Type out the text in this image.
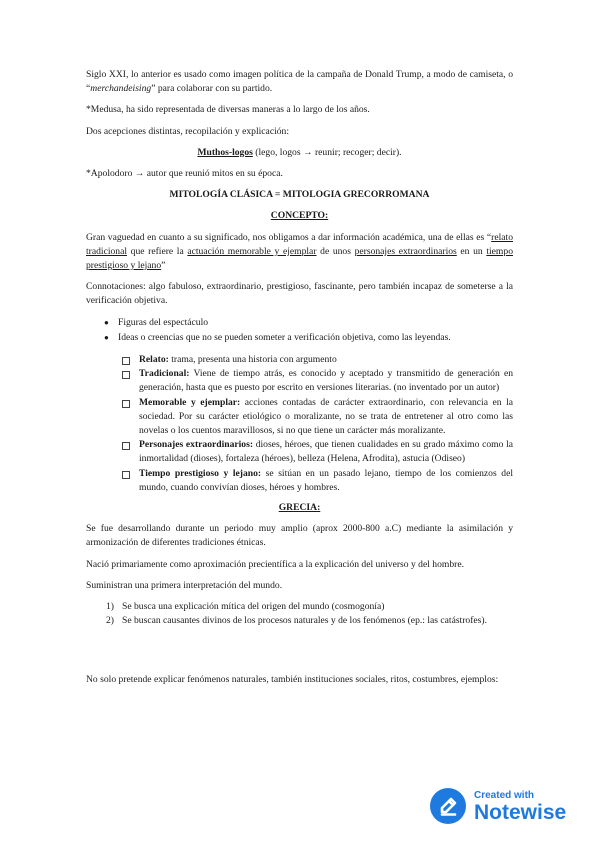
Siglo XXI, lo anterior es usado como imagen política de la campaña de Donald Trump, a modo de camiseta, o “merchandeising” para colaborar con su partido.

*Medusa, ha sido representada de diversas maneras a lo largo de los años.

Dos acepciones distintas, recopilación y explicación:

Muthos-logos (lego, logos → reunir; recoger; decir).

*Apolodoro → autor que reunió mitos en su época.

MITOLOGÍA CLÁSICA = MITOLOGIA GRECORROMANA

CONCEPTO:

Gran vaguedad en cuanto a su significado, nos obligamos a dar información académica, una de ellas es “relato tradicional que refiere la actuación memorable y ejemplar de unos personajes extraordinarios en un tiempo prestigioso y lejano”

Connotaciones: algo fabuloso, extraordinario, prestigioso, fascinante, pero también incapaz de someterse a la verificación objetiva.

● Figuras del espectáculo
● Ideas o creencias que no se pueden someter a verificación objetiva, como las leyendas.
Relato: trama, presenta una historia con argumento
Tradicional: Viene de tiempo atrás, es conocido y aceptado y transmitido de generación en generación, hasta que es puesto por escrito en versiones literarias. (no inventado por un autor)
Memorable y ejemplar: acciones contadas de carácter extraordinario, con relevancia en la sociedad. Por su carácter etiológico o moralizante, no se trata de entretener al otro como las novelas o los cuentos maravillosos, si no que tiene un carácter más moralizante.
Personajes extraordinarios: dioses, héroes, que tienen cualidades en su grado máximo como la inmortalidad (dioses), fortaleza (héroes), belleza (Helena, Afrodita), astucia (Odiseo)
Tiempo prestigioso y lejano: se sitúan en un pasado lejano, tiempo de los comienzos del mundo, cuando convivían dioses, héroes y hombres.

GRECIA:

Se fue desarrollando durante un periodo muy amplio (aprox 2000-800 a.C) mediante la asimilación y armonización de diferentes tradiciones étnicas.

Nació primariamente como aproximación precientífica a la explicación del universo y del hombre.

Suministran una primera interpretación del mundo.

1) Se busca una explicación mítica del origen del mundo (cosmogonía)
2) Se buscan causantes divinos de los procesos naturales y de los fenómenos (ep.: las catástrofes).

No solo pretende explicar fenómenos naturales, también instituciones sociales, ritos, costumbres, ejemplos:

Created with
Notewise
